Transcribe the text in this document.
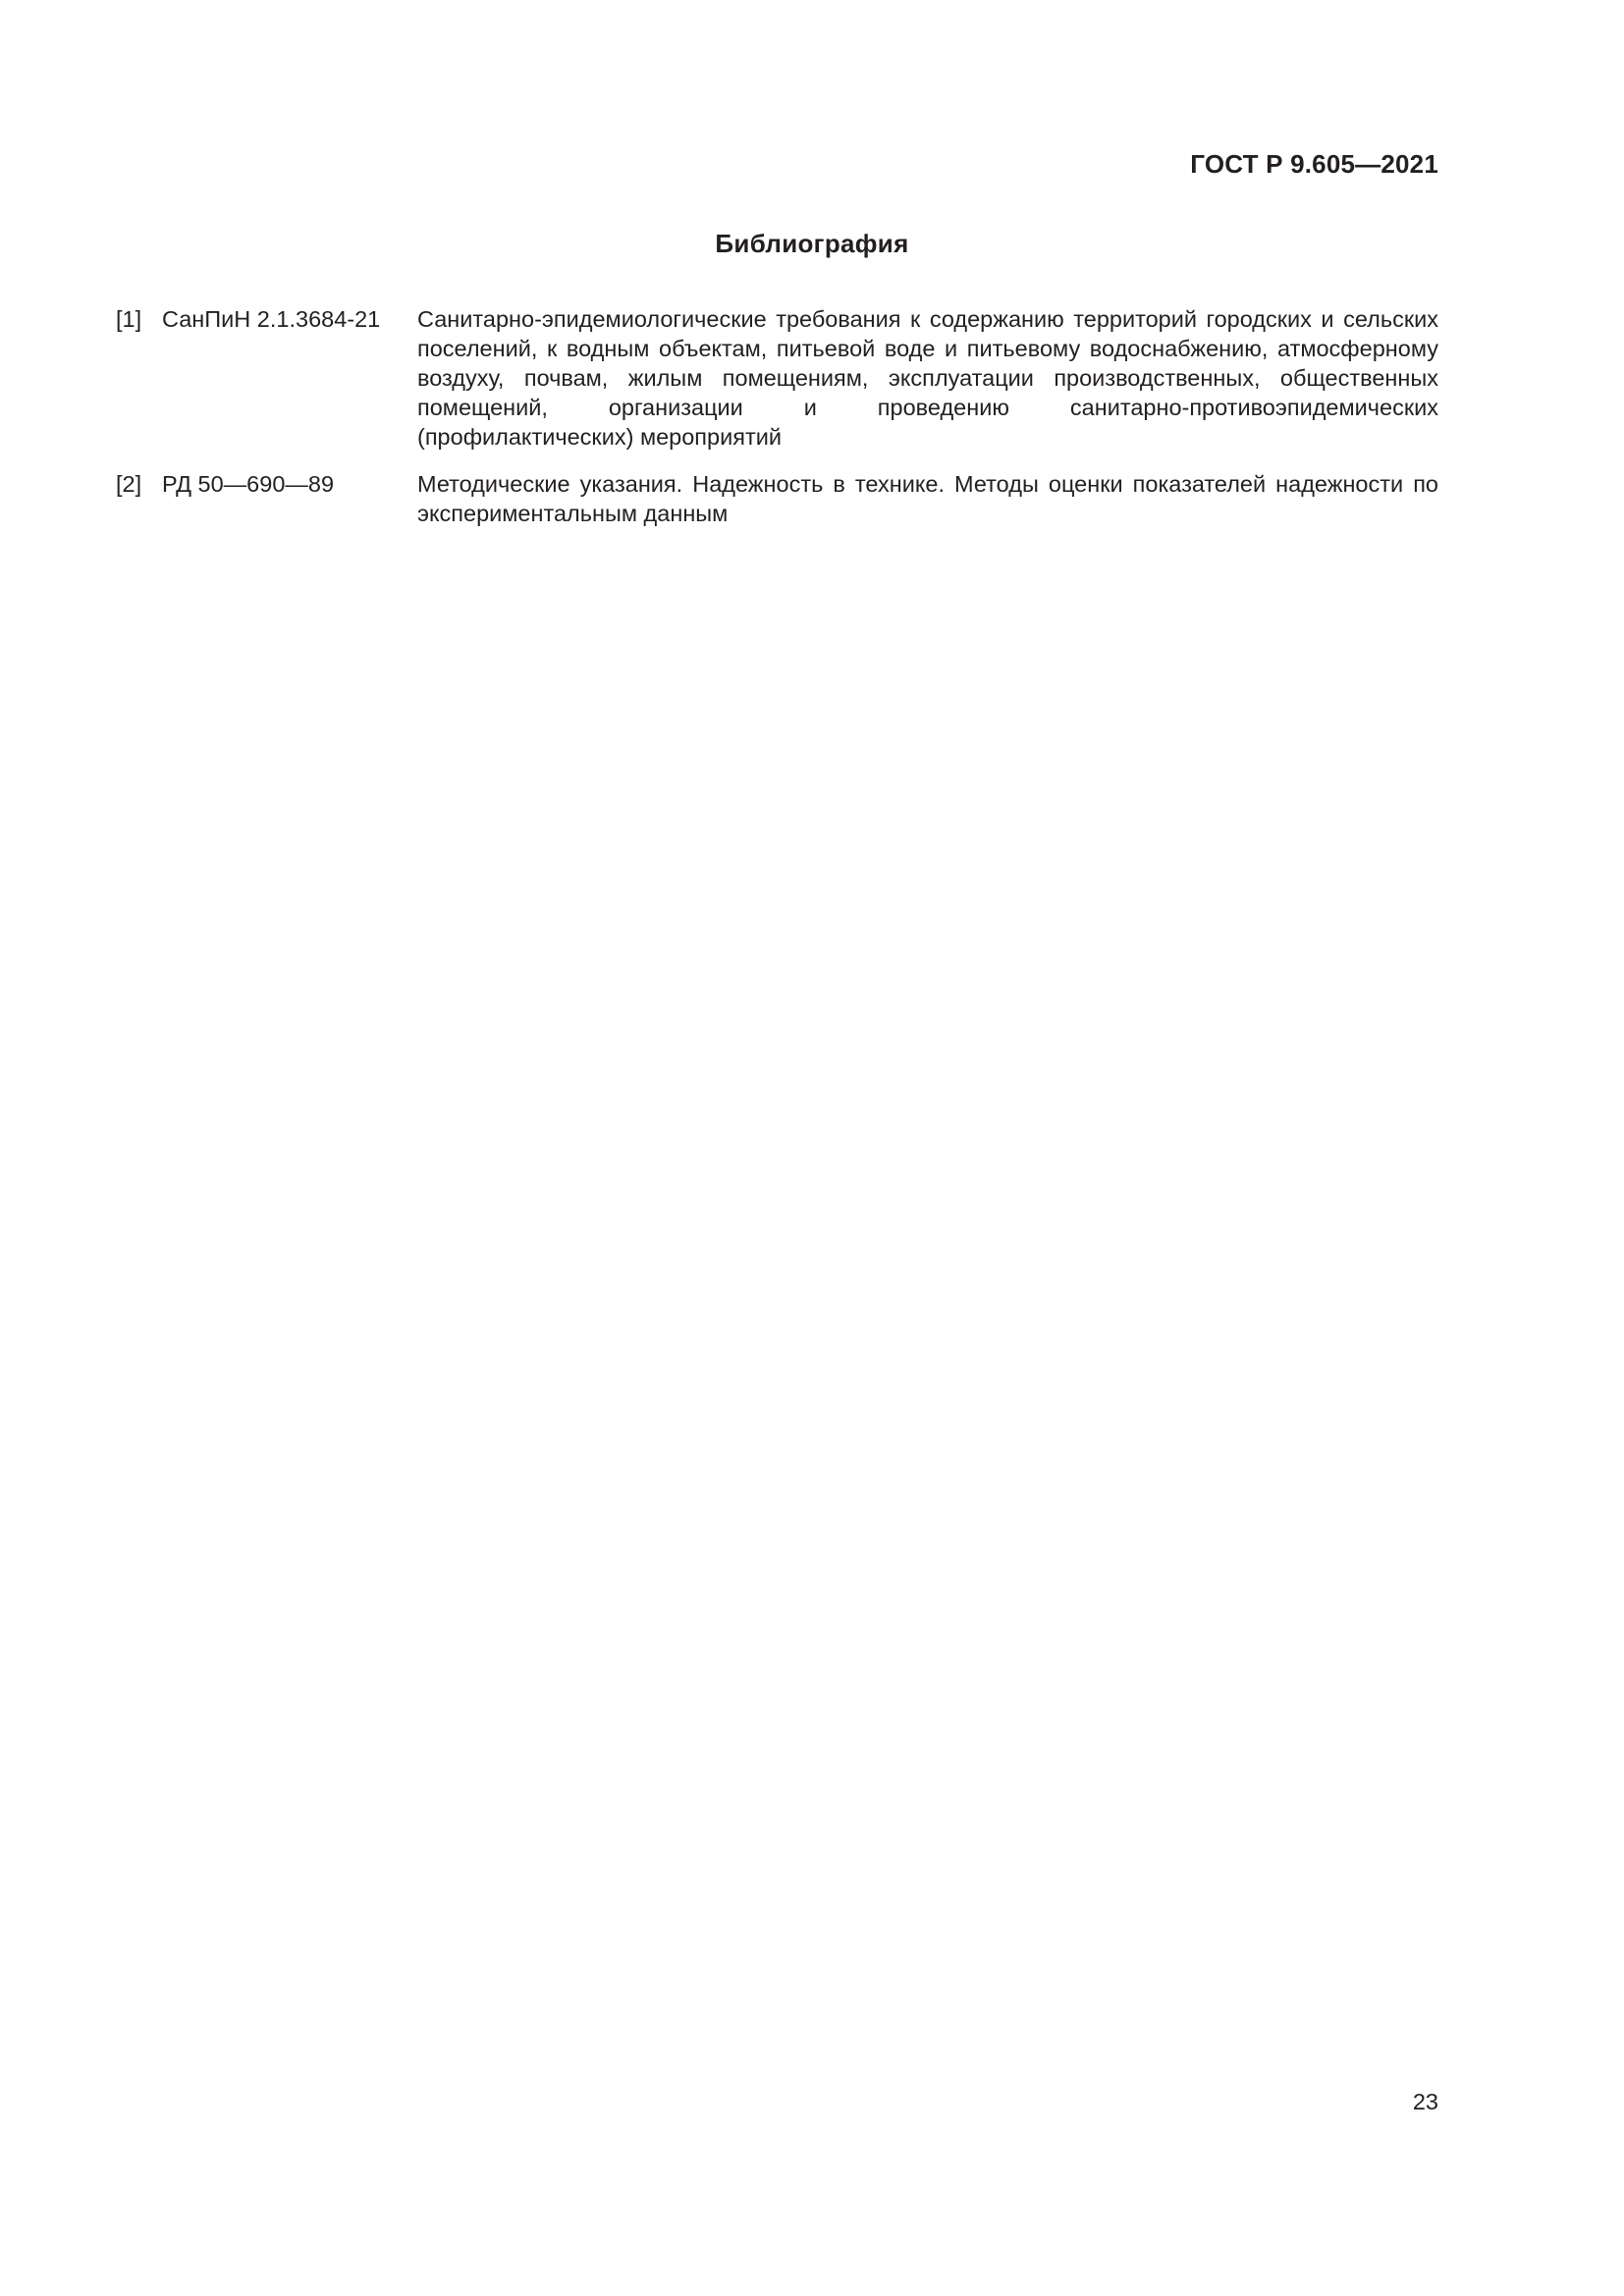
ГОСТ Р 9.605—2021
Библиография
[1] СанПиН 2.1.3684-21	Санитарно-эпидемиологические требования к содержанию территорий городских и сельских поселений, к водным объектам, питьевой воде и питьевому водоснабжению, атмосферному воздуху, почвам, жилым помещениям, эксплуатации производственных, общественных помещений, организации и проведению санитарно-противоэпидемических (профилактических) мероприятий
[2] РД 50—690—89	Методические указания. Надежность в технике. Методы оценки показателей надежности по экспериментальным данным
23
